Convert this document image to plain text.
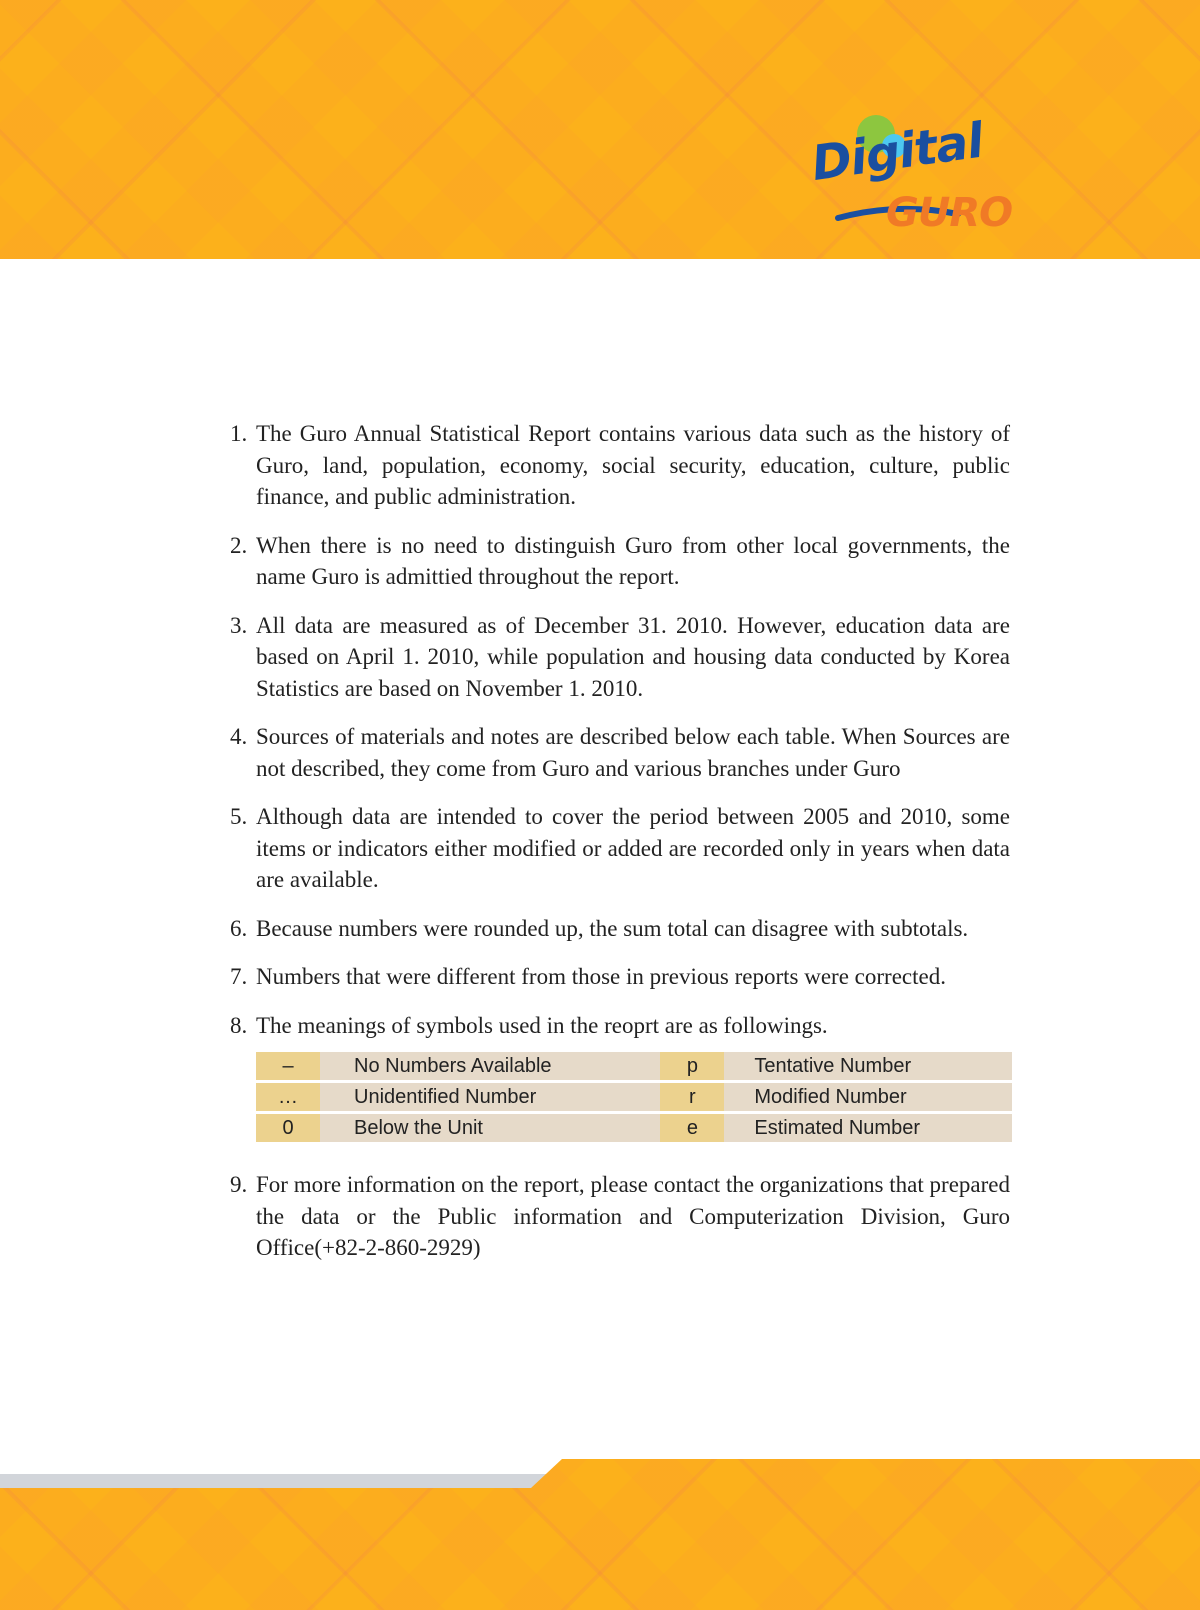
Digital
GURO
1. The Guro Annual Statistical Report contains various data such as the history of Guro, land, population, economy, social security, education, culture, public finance, and public administration.
2. When there is no need to distinguish Guro from other local governments, the name Guro is admittied throughout the report.
3. All data are measured as of December 31. 2010. However, education data are based on April 1. 2010, while population and housing data conducted by Korea Statistics are based on November 1. 2010.
4. Sources of materials and notes are described below each table. When Sources are not described, they come from Guro and various branches under Guro
5. Although data are intended to cover the period between 2005 and 2010, some items or indicators either modified or added are recorded only in years when data are available.
6. Because numbers were rounded up, the sum total can disagree with subtotals.
7. Numbers that were different from those in previous reports were corrected.
8. The meanings of symbols used in the reoprt are as followings.
–	No Numbers Available	p	Tentative Number
…	Unidentified Number	r	Modified Number
0	Below the Unit	e	Estimated Number
9. For more information on the report, please contact the organizations that prepared the data or the Public information and Computerization Division, Guro Office(+82-2-860-2929)
